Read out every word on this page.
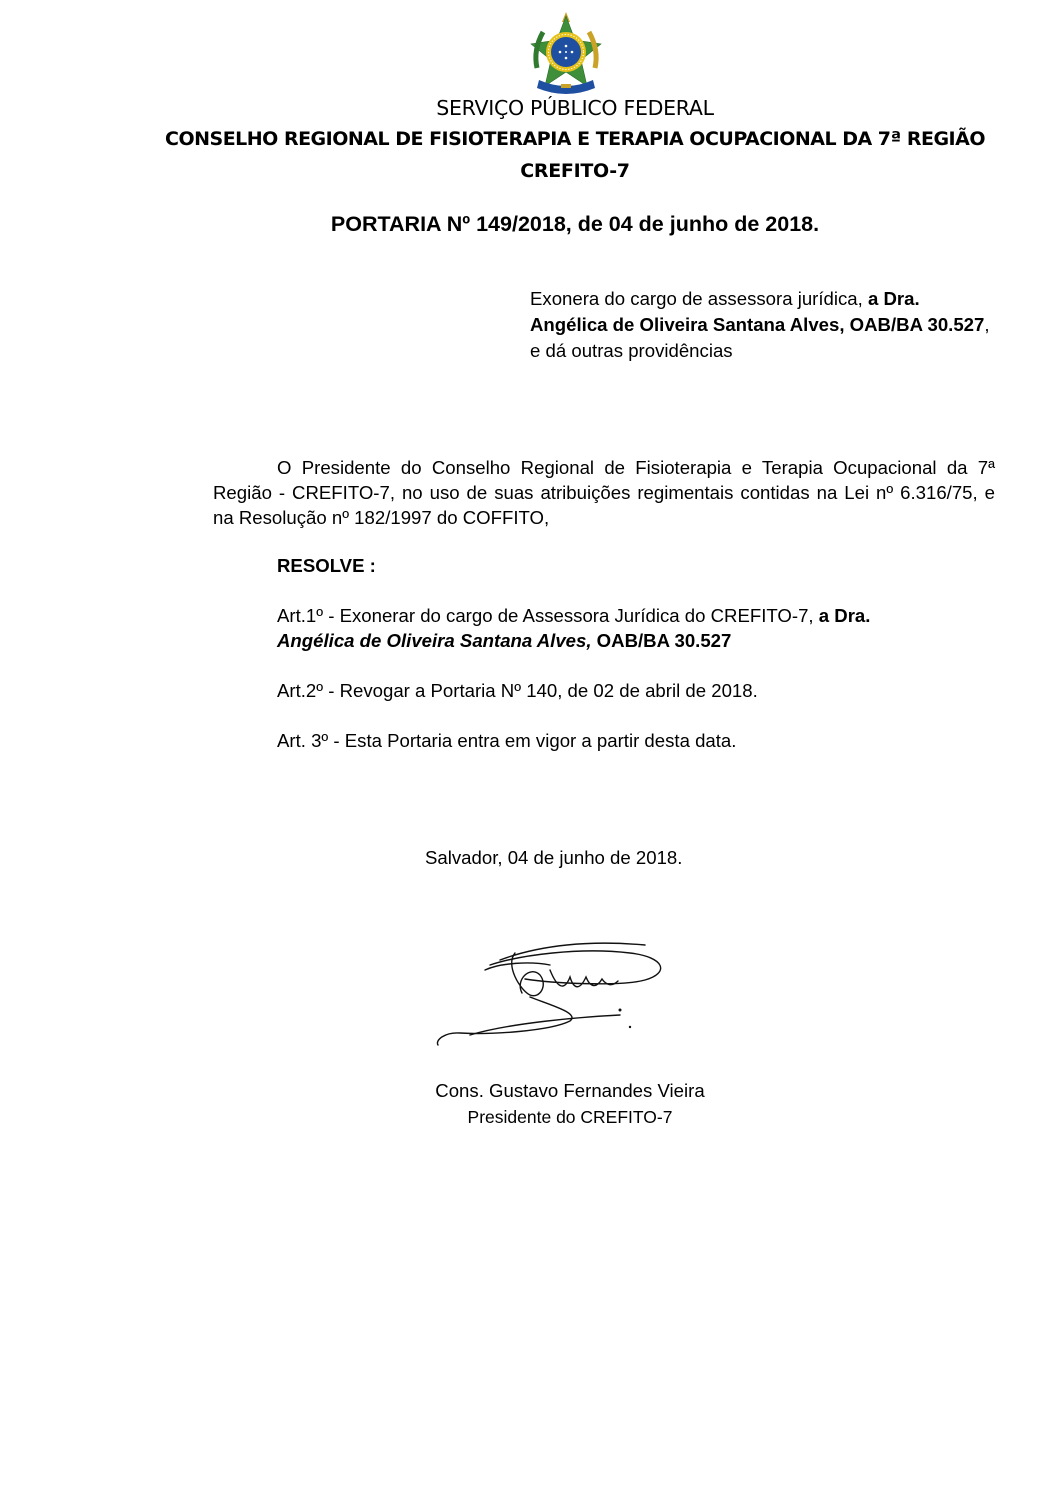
SERVIÇO PÚBLICO FEDERAL
CONSELHO REGIONAL DE FISIOTERAPIA E TERAPIA OCUPACIONAL DA 7ª REGIÃO
CREFITO-7
PORTARIA Nº 149/2018, de 04 de junho de 2018.
Exonera do cargo de assessora jurídica, a Dra. Angélica de Oliveira Santana Alves, OAB/BA 30.527, e dá outras providências
O Presidente do Conselho Regional de Fisioterapia e Terapia Ocupacional da 7ª Região - CREFITO-7, no uso de suas atribuições regimentais contidas na Lei nº 6.316/75, e na Resolução nº 182/1997 do COFFITO,
RESOLVE :
Art.1º - Exonerar do cargo de Assessora Jurídica do CREFITO-7, a Dra.
Angélica de Oliveira Santana Alves, OAB/BA 30.527
Art.2º - Revogar a Portaria Nº 140, de 02 de abril de 2018.
Art. 3º - Esta Portaria entra em vigor a partir desta data.
Salvador, 04 de junho de 2018.
Cons. Gustavo Fernandes Vieira
Presidente do CREFITO-7
